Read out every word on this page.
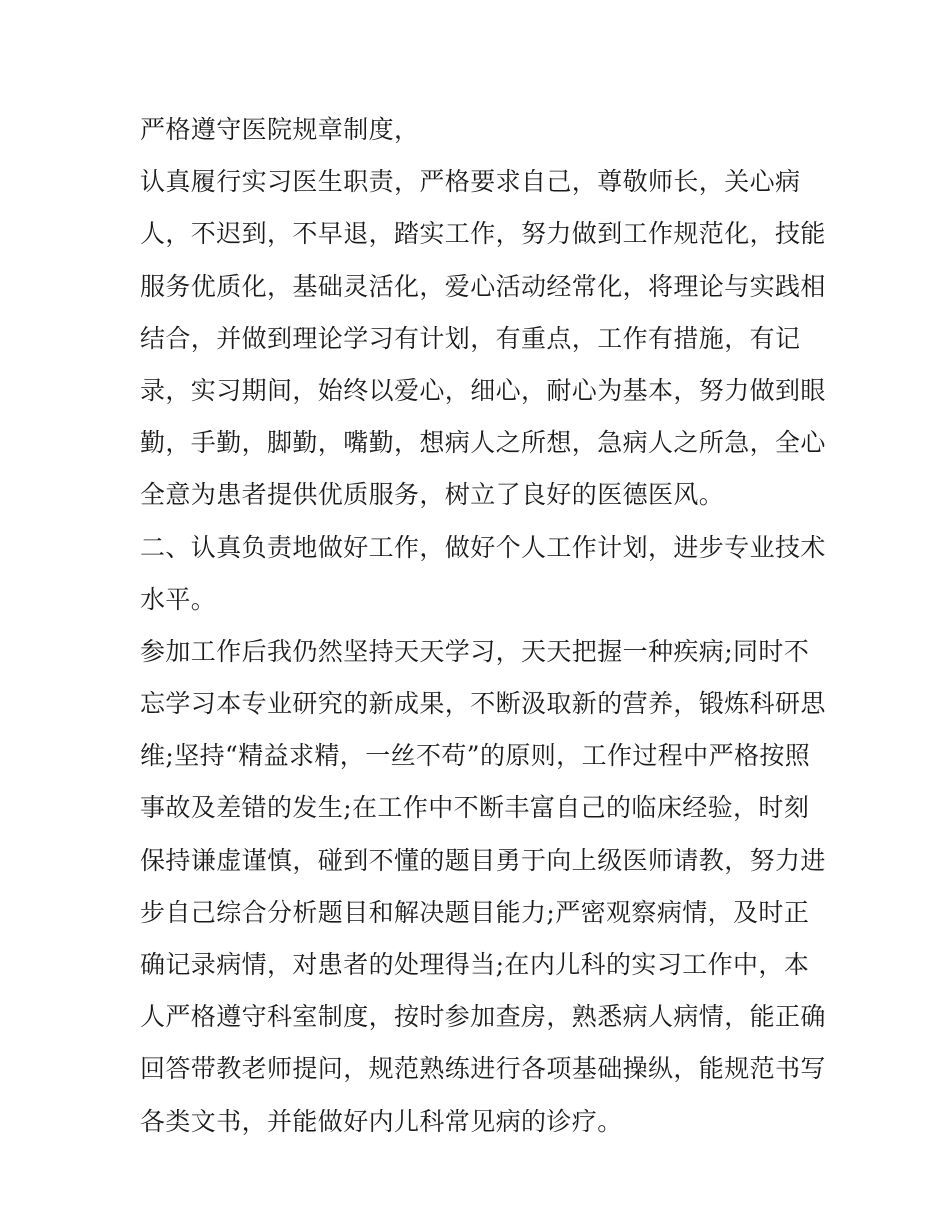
严格遵守医院规章制度，
认真履行实习医生职责，严格要求自己，尊敬师长，关心病
人，不迟到，不早退，踏实工作，努力做到工作规范化，技能
服务优质化，基础灵活化，爱心活动经常化，将理论与实践相
结合，并做到理论学习有计划，有重点，工作有措施，有记
录，实习期间，始终以爱心，细心，耐心为基本，努力做到眼
勤，手勤，脚勤，嘴勤，想病人之所想，急病人之所急，全心
全意为患者提供优质服务，树立了良好的医德医风。
二、认真负责地做好工作，做好个人工作计划，进步专业技术
水平。
参加工作后我仍然坚持天天学习，天天把握一种疾病;同时不
忘学习本专业研究的新成果，不断汲取新的营养，锻炼科研思
维;坚持“精益求精，一丝不苟”的原则，工作过程中严格按照
事故及差错的发生;在工作中不断丰富自己的临床经验，时刻
保持谦虚谨慎，碰到不懂的题目勇于向上级医师请教，努力进
步自己综合分析题目和解决题目能力;严密观察病情，及时正
确记录病情，对患者的处理得当;在内儿科的实习工作中，本
人严格遵守科室制度，按时参加查房，熟悉病人病情，能正确
回答带教老师提问，规范熟练进行各项基础操纵，能规范书写
各类文书，并能做好内儿科常见病的诊疗。
